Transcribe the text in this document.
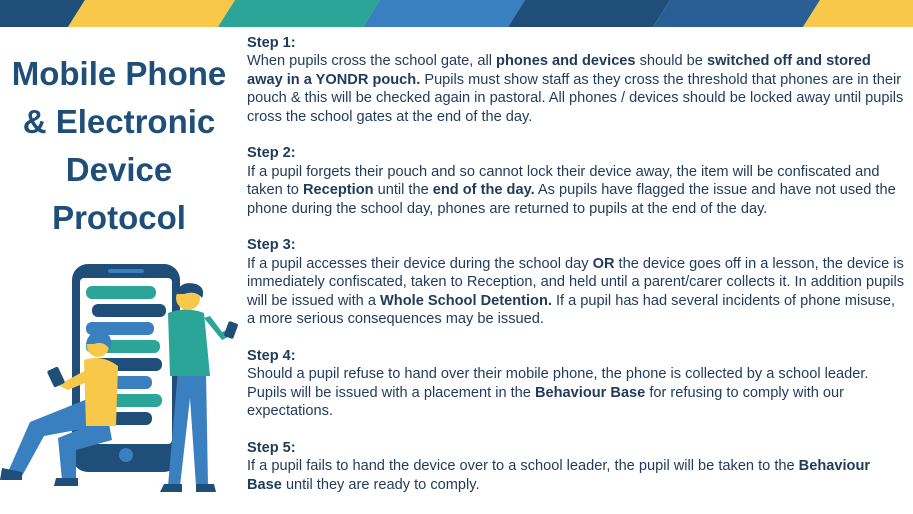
Mobile Phone
& Electronic
Device
Protocol
Step 1:
When pupils cross the school gate, all phones and devices should be switched off and stored away in a YONDR pouch. Pupils must show staff as they cross the threshold that phones are in their pouch & this will be checked again in pastoral. All phones / devices should be locked away until pupils cross the school gates at the end of the day.
Step 2:
If a pupil forgets their pouch and so cannot lock their device away, the item will be confiscated and taken to Reception until the end of the day. As pupils have flagged the issue and have not used the phone during the school day, phones are returned to pupils at the end of the day.
Step 3:
If a pupil accesses their device during the school day OR the device goes off in a lesson, the device is immediately confiscated, taken to Reception, and held until a parent/carer collects it. In addition pupils will be issued with a Whole School Detention. If a pupil has had several incidents of phone misuse, a more serious consequences may be issued.
Step 4:
Should a pupil refuse to hand over their mobile phone, the phone is collected by a school leader. Pupils will be issued with a placement in the Behaviour Base for refusing to comply with our expectations.
Step 5:
If a pupil fails to hand the device over to a school leader, the pupil will be taken to the Behaviour Base until they are ready to comply.
